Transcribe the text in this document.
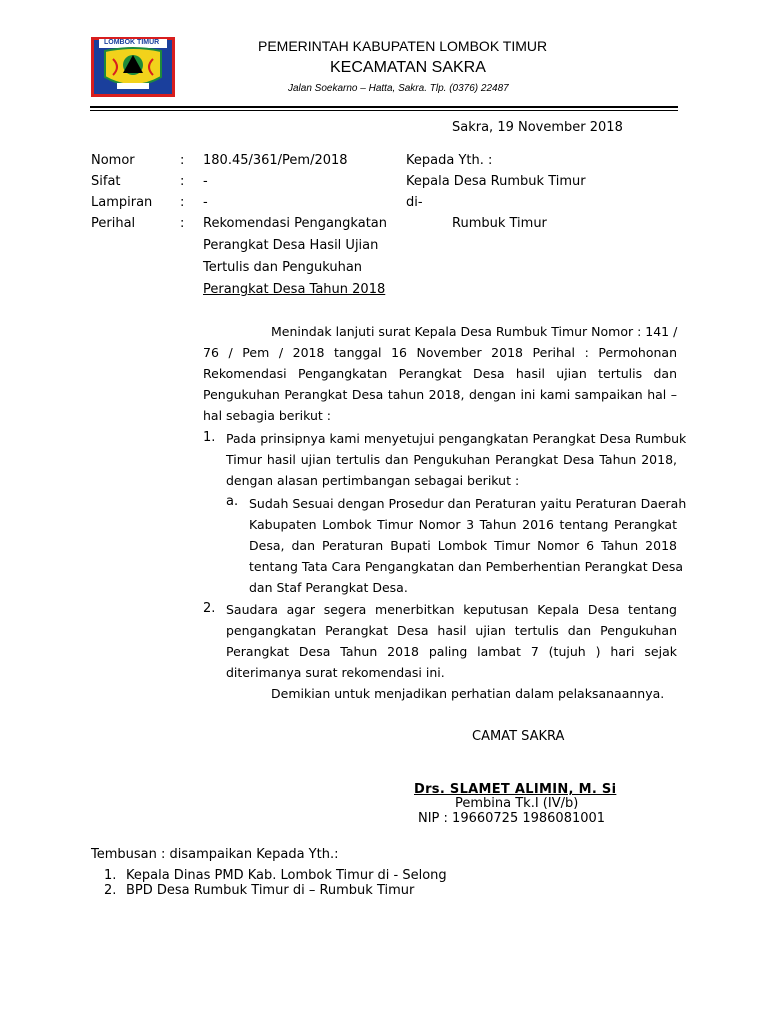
LOMBOK TIMUR	PEMERINTAH KABUPATEN LOMBOK TIMUR
KECAMATAN SAKRA
Jalan Soekarno – Hatta, Sakra. Tlp. (0376) 22487
Sakra, 19 November 2018
Nomor	: 180.45/361/Pem/2018
Sifat	: -
Lampiran : -
Perihal	: Rekomendasi Pengangkatan
Perangkat Desa Hasil Ujian
Tertulis dan Pengukuhan
Perangkat Desa Tahun 2018
Kepada Yth. :
Kepala Desa Rumbuk Timur
di-
Rumbuk Timur
Menindak lanjuti surat Kepala Desa Rumbuk Timur Nomor : 141 /
76 / Pem / 2018 tanggal 16 November 2018 Perihal : Permohonan
Rekomendasi Pengangkatan Perangkat Desa hasil ujian tertulis dan
Pengukuhan Perangkat Desa tahun 2018, dengan ini kami sampaikan hal –
hal sebagia berikut :
1. Pada prinsipnya kami menyetujui pengangkatan Perangkat Desa Rumbuk
Timur hasil ujian tertulis dan Pengukuhan Perangkat Desa Tahun 2018,
dengan alasan pertimbangan sebagai berikut :
a. Sudah Sesuai dengan Prosedur dan Peraturan yaitu Peraturan Daerah
Kabupaten Lombok Timur Nomor 3 Tahun 2016 tentang Perangkat
Desa, dan Peraturan Bupati Lombok Timur Nomor 6 Tahun 2018
tentang Tata Cara Pengangkatan dan Pemberhentian Perangkat Desa
dan Staf Perangkat Desa.
2. Saudara agar segera menerbitkan keputusan Kepala Desa tentang
pengangkatan Perangkat Desa hasil ujian tertulis dan Pengukuhan
Perangkat Desa Tahun 2018 paling lambat 7 (tujuh ) hari sejak
diterimanya surat rekomendasi ini.
Demikian untuk menjadikan perhatian dalam pelaksanaannya.
CAMAT SAKRA
Drs. SLAMET ALIMIN, M. Si
Pembina Tk.I (IV/b)
NIP : 19660725 1986081001
Tembusan : disampaikan Kepada Yth.:
1. Kepala Dinas PMD Kab. Lombok Timur di - Selong
2. BPD Desa Rumbuk Timur di – Rumbuk Timur
